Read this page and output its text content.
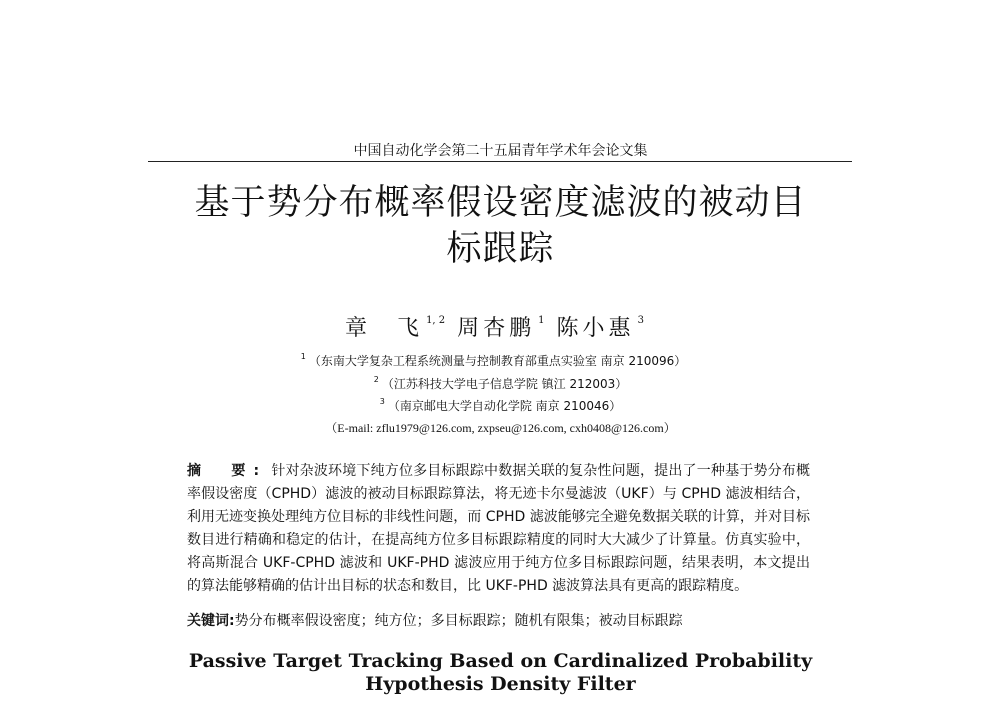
中国自动化学会第二十五届青年学术年会论文集
基于势分布概率假设密度滤波的被动目
标跟踪
章　飞 $^{1, 2}$ 周杏鹏 $^1$ 陈小惠 $^3$
$^1$ （东南大学复杂工程系统测量与控制教育部重点实验室 南京 210096）
$^2$ （江苏科技大学电子信息学院 镇江 212003）
$^3$ （南京邮电大学自动化学院 南京 210046）
（E-mail: zflu1979@126.com, zxpseu@126.com, cxh0408@126.com）
摘　要: 针对杂波环境下纯方位多目标跟踪中数据关联的复杂性问题，提出了一种基于势分布概率假设密度（CPHD）滤波的被动目标跟踪算法，将无迹卡尔曼滤波（UKF）与 CPHD 滤波相结合，利用无迹变换处理纯方位目标的非线性问题，而 CPHD 滤波能够完全避免数据关联的计算，并对目标数目进行精确和稳定的估计，在提高纯方位多目标跟踪精度的同时大大减少了计算量。仿真实验中，将高斯混合 UKF-CPHD 滤波和 UKF-PHD 滤波应用于纯方位多目标跟踪问题，结果表明，本文提出的算法能够精确的估计出目标的状态和数目，比 UKF-PHD 滤波算法具有更高的跟踪精度。
关键词:势分布概率假设密度；纯方位；多目标跟踪；随机有限集；被动目标跟踪
Passive Target Tracking Based on Cardinalized Probability
Hypothesis Density Filter
